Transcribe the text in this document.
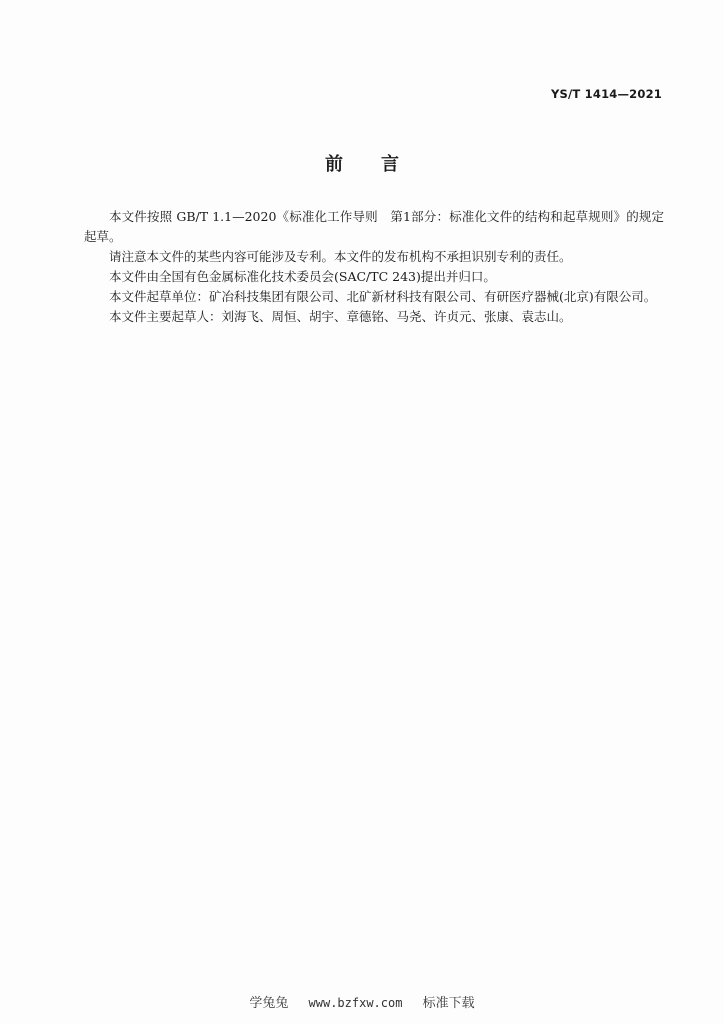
YS/T 1414—2021
前言

本文件按照 GB/T 1.1—2020《标准化工作导则　第1部分：标准化文件的结构和起草规则》的规定起草。

请注意本文件的某些内容可能涉及专利。本文件的发布机构不承担识别专利的责任。

本文件由全国有色金属标准化技术委员会(SAC/TC 243)提出并归口。

本文件起草单位：矿冶科技集团有限公司、北矿新材科技有限公司、有研医疗器械(北京)有限公司。

本文件主要起草人：刘海飞、周恒、胡宇、章德铭、马尧、许贞元、张康、袁志山。

学兔兔 www.bzfxw.com 标准下载
